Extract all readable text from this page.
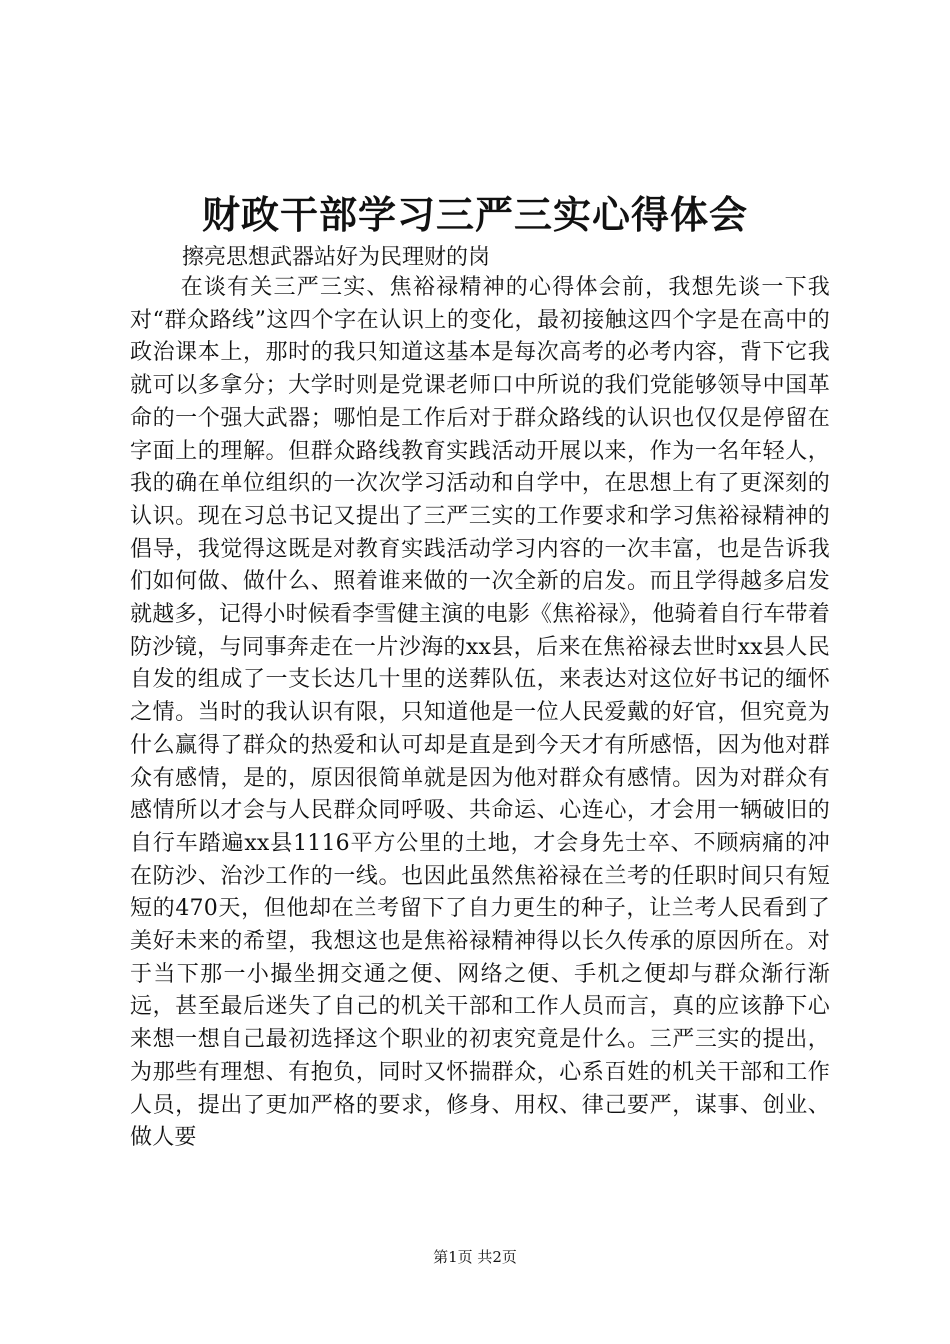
财政干部学习三严三实心得体会

擦亮思想武器站好为民理财的岗

在谈有关三严三实、焦裕禄精神的心得体会前，我想先谈一下我对“群众路线”这四个字在认识上的变化，最初接触这四个字是在高中的政治课本上，那时的我只知道这基本是每次高考的必考内容，背下它我就可以多拿分；大学时则是党课老师口中所说的我们党能够领导中国革命的一个强大武器；哪怕是工作后对于群众路线的认识也仅仅是停留在字面上的理解。但群众路线教育实践活动开展以来，作为一名年轻人，我的确在单位组织的一次次学习活动和自学中，在思想上有了更深刻的认识。现在习总书记又提出了三严三实的工作要求和学习焦裕禄精神的倡导，我觉得这既是对教育实践活动学习内容的一次丰富，也是告诉我们如何做、做什么、照着谁来做的一次全新的启发。而且学得越多启发就越多，记得小时候看李雪健主演的电影《焦裕禄》，他骑着自行车带着防沙镜，与同事奔走在一片沙海的xx县，后来在焦裕禄去世时xx县人民自发的组成了一支长达几十里的送葬队伍，来表达对这位好书记的缅怀之情。当时的我认识有限，只知道他是一位人民爱戴的好官，但究竟为什么赢得了群众的热爱和认可却是直是到今天才有所感悟，因为他对群众有感情，是的，原因很简单就是因为他对群众有感情。因为对群众有感情所以才会与人民群众同呼吸、共命运、心连心，才会用一辆破旧的自行车踏遍xx县1116平方公里的土地，才会身先士卒、不顾病痛的冲在防沙、治沙工作的一线。也因此虽然焦裕禄在兰考的任职时间只有短短的470天，但他却在兰考留下了自力更生的种子，让兰考人民看到了美好未来的希望，我想这也是焦裕禄精神得以长久传承的原因所在。对于当下那一小撮坐拥交通之便、网络之便、手机之便却与群众渐行渐远，甚至最后迷失了自己的机关干部和工作人员而言，真的应该静下心来想一想自己最初选择这个职业的初衷究竟是什么。三严三实的提出，为那些有理想、有抱负，同时又怀揣群众，心系百姓的机关干部和工作人员，提出了更加严格的要求，修身、用权、律己要严，谋事、创业、做人要

第1页 共2页
